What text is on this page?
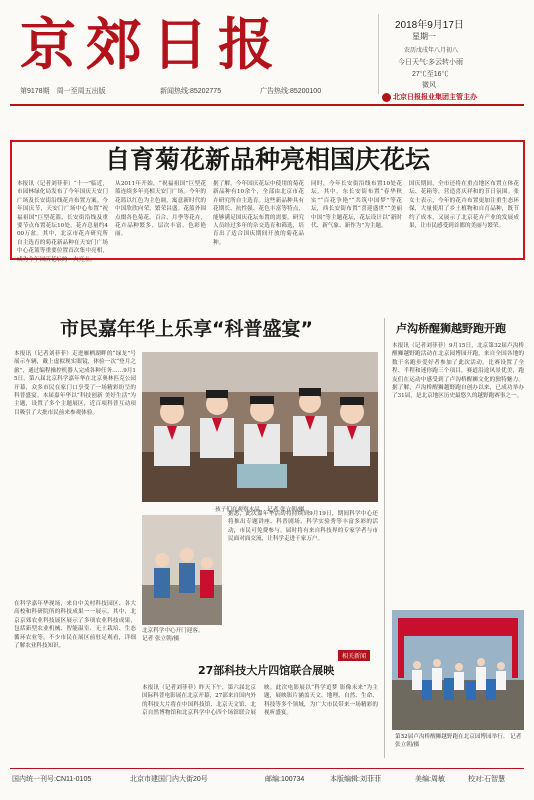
京郊日报
第9178期　周一至周五出版	新闻热线:85202775	广告热线:85200100
2018年9月17日
星期一
农历戊戌年八月初八
今日天气:多云转小雨
27℃至16℃
微风
北京日报报业集团主管主办
自育菊花新品种亮相国庆花坛
本报讯（记者刘菲菲）“十一”临近，市园林绿化局发布了今年国庆天安门广场及长安街沿线花卉布置方案。今年国庆节，天安门广场中心布置“祝福祖国”巨型花篮，长安街沿线及重要节点布置花坛10处，花卉总量约400万盆。其中，北京市花卉研究所自主选育的菊花新品种在天安门广场中心花篮等重要位置首次集中亮相，成为今年国庆花坛的一大亮点。
从2011年开始，“祝福祖国”巨型花篮连续多年亮相天安门广场。今年的花篮以红色为主色调，寓意新时代的中国欣欣向荣、繁荣昌盛。花篮外围点缀各色菊花、百合、月季等花卉，花卉品种繁多、层次丰富、色彩艳丽。
据了解，今年国庆花坛中使用的菊花新品种有10余个，全部由北京市花卉研究所自主选育。这些新品种具有花期长、抗性强、花色丰富等特点，能够满足国庆花坛布置的需要。研究人员经过多年的杂交选育和筛选，培育出了适合国庆期间开放的菊花品种。
同时，今年长安街沿线布置10处花坛。其中，东长安街布置“春华秋实”“百花争艳”“共筑中国梦”等花坛，西长安街布置“喜迎盛世”“美丽中国”等主题花坛，花坛设计以“新时代、新气象、新作为”为主题。
国庆期间，全市还将在重点地区布置立体花坛、花箱等，营造喜庆祥和的节日氛围。张女士表示，今年的花卉布置更加注重生态环保，大量使用了乡土植物和自育品种，既节约了成本，又展示了北京花卉产业的发展成果，让市民感受到首都的美丽与繁荣。
市民嘉年华上乐享“科普盛宴”
本报讯（记者刘菲菲）走进雁栖湖畔的“绿龙”号展示车辆，戴上虚拟现实眼镜，体验一次“登月之旅”，通过编程操控机器人完成各种任务……9月15日，第八届北京科学嘉年华在北京奥林匹克公园开幕，众多市民在家门口享受了一场精彩纷呈的科普盛宴。本届嘉年华以“科技创新 美好生活”为主题，设置了多个主题展区，近百项科普互动项目吸引了大批市民前来参观体验。
在科学嘉年华现场，来自中关村科技园区、各大高校和科研院所的科技成果一一展示。其中，北京京郊农业科技展区展示了多项农业科技成果，包括新型农业机械、智能温室、无土栽培、生态循环农业等。不少市民在展区前驻足观看，详细了解农业科技知识。
孩子们在观察水晶。 记者 张立朝/摄
北京科学中心开门迎客。
记者 张立朝/摄
据悉，此次嘉年华活动将持续到9月19日，期间科学中心还将推出专题讲座、科普剧场、科学实验秀等丰富多彩的活动，市民可免费参与。届时将有来自科技界的专家学者与市民面对面交流，让科学走进千家万户。
卢沟桥醒狮越野跑开跑
本报讯（记者刘菲菲）9月15日，北京第32届卢沟桥醒狮越野跑活动在北京园博园开跑，来自全国各地的数千名跑步爱好者参加了此次活动。比赛设置了全程、半程和迷你跑三个项目，赛道沿途风景优美，跑友们在运动中感受到了卢沟桥醒狮文化的独特魅力。据了解，卢沟桥醒狮越野跑自创办以来，已成功举办了31届，是北京地区历史最悠久的越野跑赛事之一。
第32届卢沟桥醒狮越野跑在北京园博园举行。 记者 张立朝/摄
相关新闻
27部科技大片四馆联合展映
本报讯（记者刘菲菲）昨天下午，第六届北京国际科普电影展在北京开幕，27部来自国内外的科技大片将在中国科技馆、北京天文馆、北京自然博物馆和北京科学中心四个场馆联合展映。此次电影展以“科学追梦 影像未来”为主题，展映影片涵盖天文、地理、自然、生命、科技等多个领域，为广大市民带来一场精彩的视听盛宴。
国内统一刊号:CN11-0105	北京市建国门内大街20号	邮编:100734	本版编辑:刘菲菲	美编:周敏	校对:石智慧
